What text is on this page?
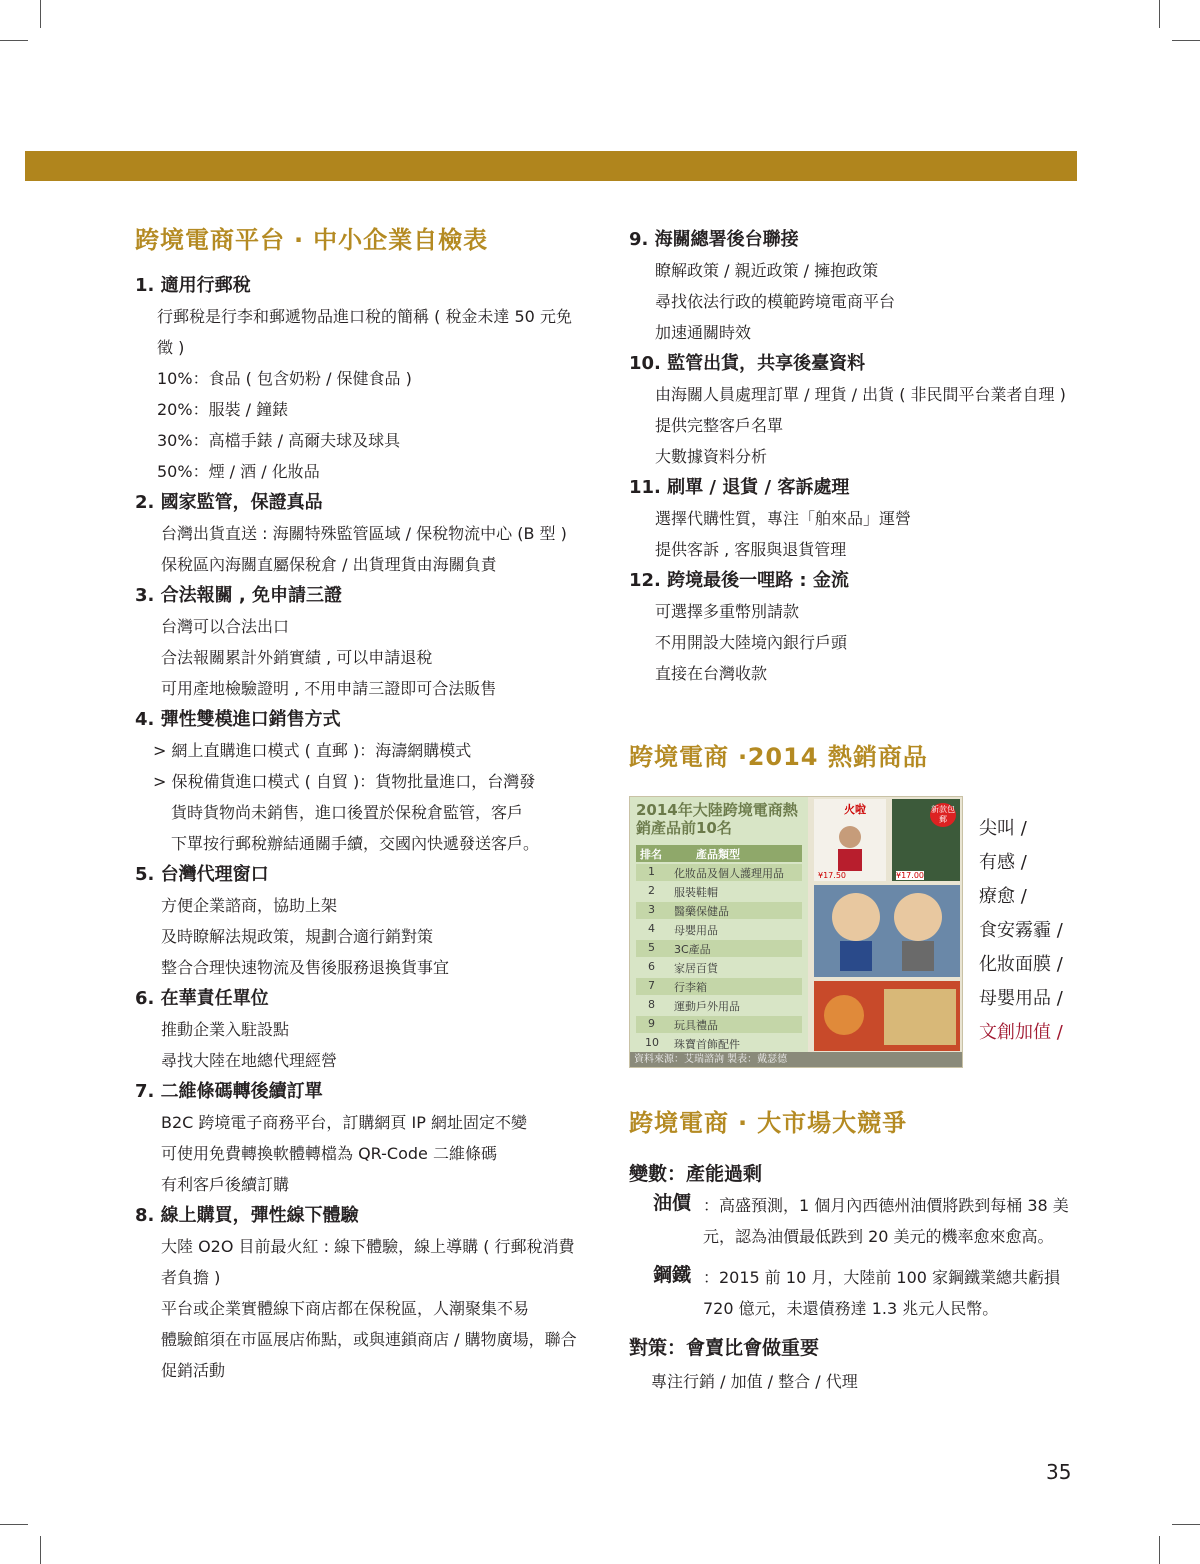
跨境電商平台 ‧ 中小企業自檢表

1. 適用行郵稅

行郵稅是行李和郵遞物品進口稅的簡稱 ( 稅金未達 50 元免徵 )

10%：食品 ( 包含奶粉 / 保健食品 )

20%：服裝 / 鐘錶

30%：高檔手錶 / 高爾夫球及球具

50%：煙 / 酒 / 化妝品

2. 國家監管，保證真品

台灣出貨直送 : 海關特殊監管區域 / 保稅物流中心 (B 型 )

保稅區內海關直屬保稅倉 / 出貨理貨由海關負責

3. 合法報關 , 免申請三證

台灣可以合法出口

合法報關累計外銷實績 , 可以申請退稅

可用產地檢驗證明 , 不用申請三證即可合法販售

4. 彈性雙模進口銷售方式

> 網上直購進口模式 ( 直郵 )：海濤網購模式

> 保稅備貨進口模式 ( 自貿 )：貨物批量進口，台灣發

貨時貨物尚未銷售，進口後置於保稅倉監管，客戶

下單按行郵稅辦結通關手續，交國內快遞發送客戶。

5. 台灣代理窗口

方便企業諮商，協助上架

及時瞭解法規政策，規劃合適行銷對策

整合合理快速物流及售後服務退換貨事宜

6. 在華責任單位

推動企業入駐設點

尋找大陸在地總代理經營

7. 二維條碼轉後續訂單

B2C 跨境電子商務平台，訂購網頁 IP 網址固定不變

可使用免費轉換軟體轉檔為 QR-Code 二維條碼

有利客戶後續訂購

8. 線上購買，彈性線下體驗

大陸 O2O 目前最火紅 : 線下體驗，線上導購 ( 行郵稅消費者負擔 )

平台或企業實體線下商店都在保稅區，人潮聚集不易

體驗館須在市區展店佈點，或與連鎖商店 / 購物廣場，聯合促銷活動

9. 海關總署後台聯接

瞭解政策 / 親近政策 / 擁抱政策

尋找依法行政的模範跨境電商平台

加速通關時效

10. 監管出貨，共享後臺資料

由海關人員處理訂單 / 理貨 / 出貨 ( 非民間平台業者自理 )

提供完整客戶名單

大數據資料分析

11. 刷單 / 退貨 / 客訴處理

選擇代購性質，專注「舶來品」運營

提供客訴 , 客服與退貨管理

12. 跨境最後一哩路 : 金流

可選擇多重幣別請款

不用開設大陸境內銀行戶頭

直接在台灣收款

跨境電商 ‧2014 熱銷商品
2014年大陸跨境電商熱銷產品前10名
排名	產品類型
1 化妝品及個人護理用品
2 服裝鞋帽
3 醫藥保健品
4 母嬰用品
5 3C產品
6 家居百貨
7 行李箱
8 運動戶外用品
9 玩具禮品
10 珠寶首飾配件
資料來源：艾瑞諮詢 製表：戴瑟德
火啦
¥17.50
新款包郵
¥17.00

尖叫 /

有感 /

療愈 /

食安霧霾 /

化妝面膜 /

母嬰用品 /

文創加值 /

跨境電商 ‧ 大市場大競爭

變數：產能過剩

油價 ：高盛預測，1 個月內西德州油價將跌到每桶 38 美元，認為油價最低跌到 20 美元的機率愈來愈高。

鋼鐵 ：2015 前 10 月，大陸前 100 家鋼鐵業總共虧損 720 億元，未還債務達 1.3 兆元人民幣。

對策：會賣比會做重要

專注行銷 / 加值 / 整合 / 代理

35
